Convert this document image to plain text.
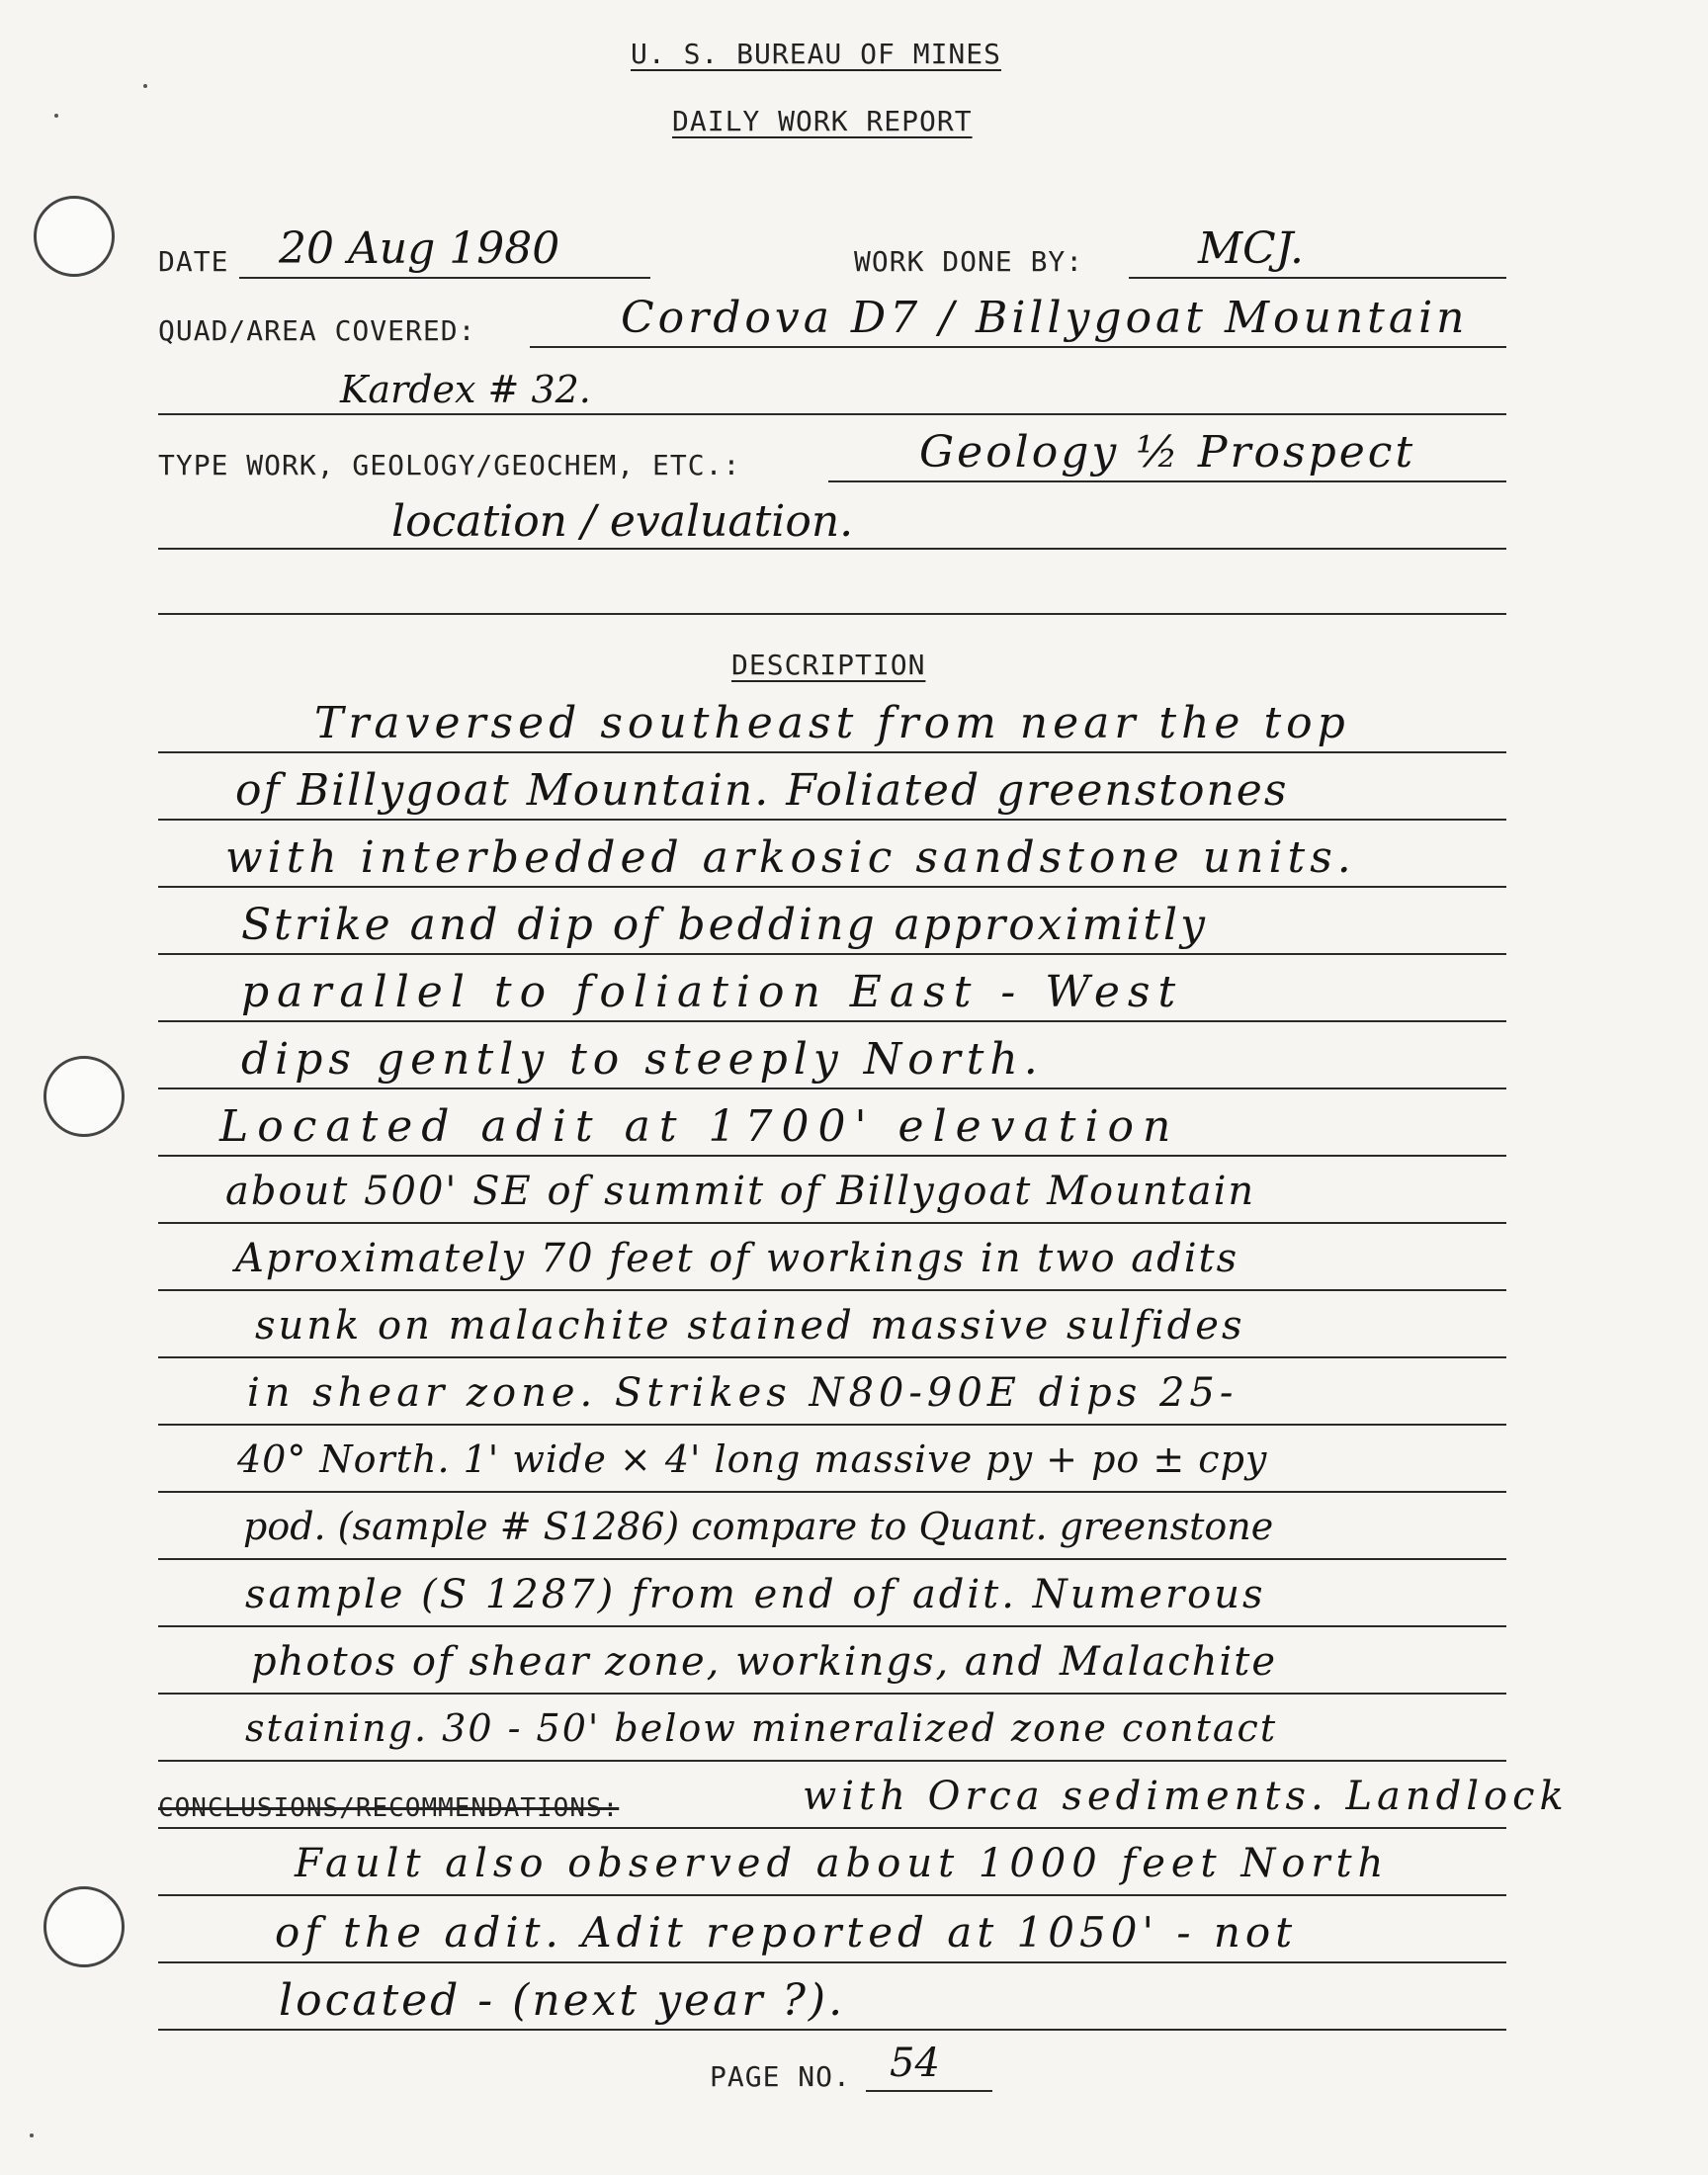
U. S. BUREAU OF MINES
DAILY WORK REPORT
DATE 20 Aug 1980	WORK DONE BY:	MCJ.
QUAD/AREA COVERED:	Cordova D7 / Billygoat Mountain
Kardex # 32.
TYPE WORK, GEOLOGY/GEOCHEM, ETC.:	Geology ½ Prospect
location / evaluation.
DESCRIPTION
Traversed southeast from near the top
of Billygoat Mountain. Foliated greenstones
with interbedded arkosic sandstone units.
Strike and dip of bedding approximitly
parallel to foliation East - West
dips gently to steeply North.
Located adit at 1700' elevation
about 500' SE of summit of Billygoat Mountain
Aproximately 70 feet of workings in two adits
sunk on malachite stained massive sulfides
in shear zone. Strikes N80-90E dips 25-
40° North. 1' wide × 4' long massive py + po ± cpy
pod. (sample # S1286) compare to Quant. greenstone
sample (S 1287) from end of adit. Numerous
photos of shear zone, workings, and Malachite
staining. 30 - 50' below mineralized zone contact
CONCLUSIONS/RECOMMENDATIONS:	with Orca sediments. Landlock
Fault also observed about 1000 feet North
of the adit. Adit reported at 1050' - not
located - (next year ?).
PAGE NO. 54
